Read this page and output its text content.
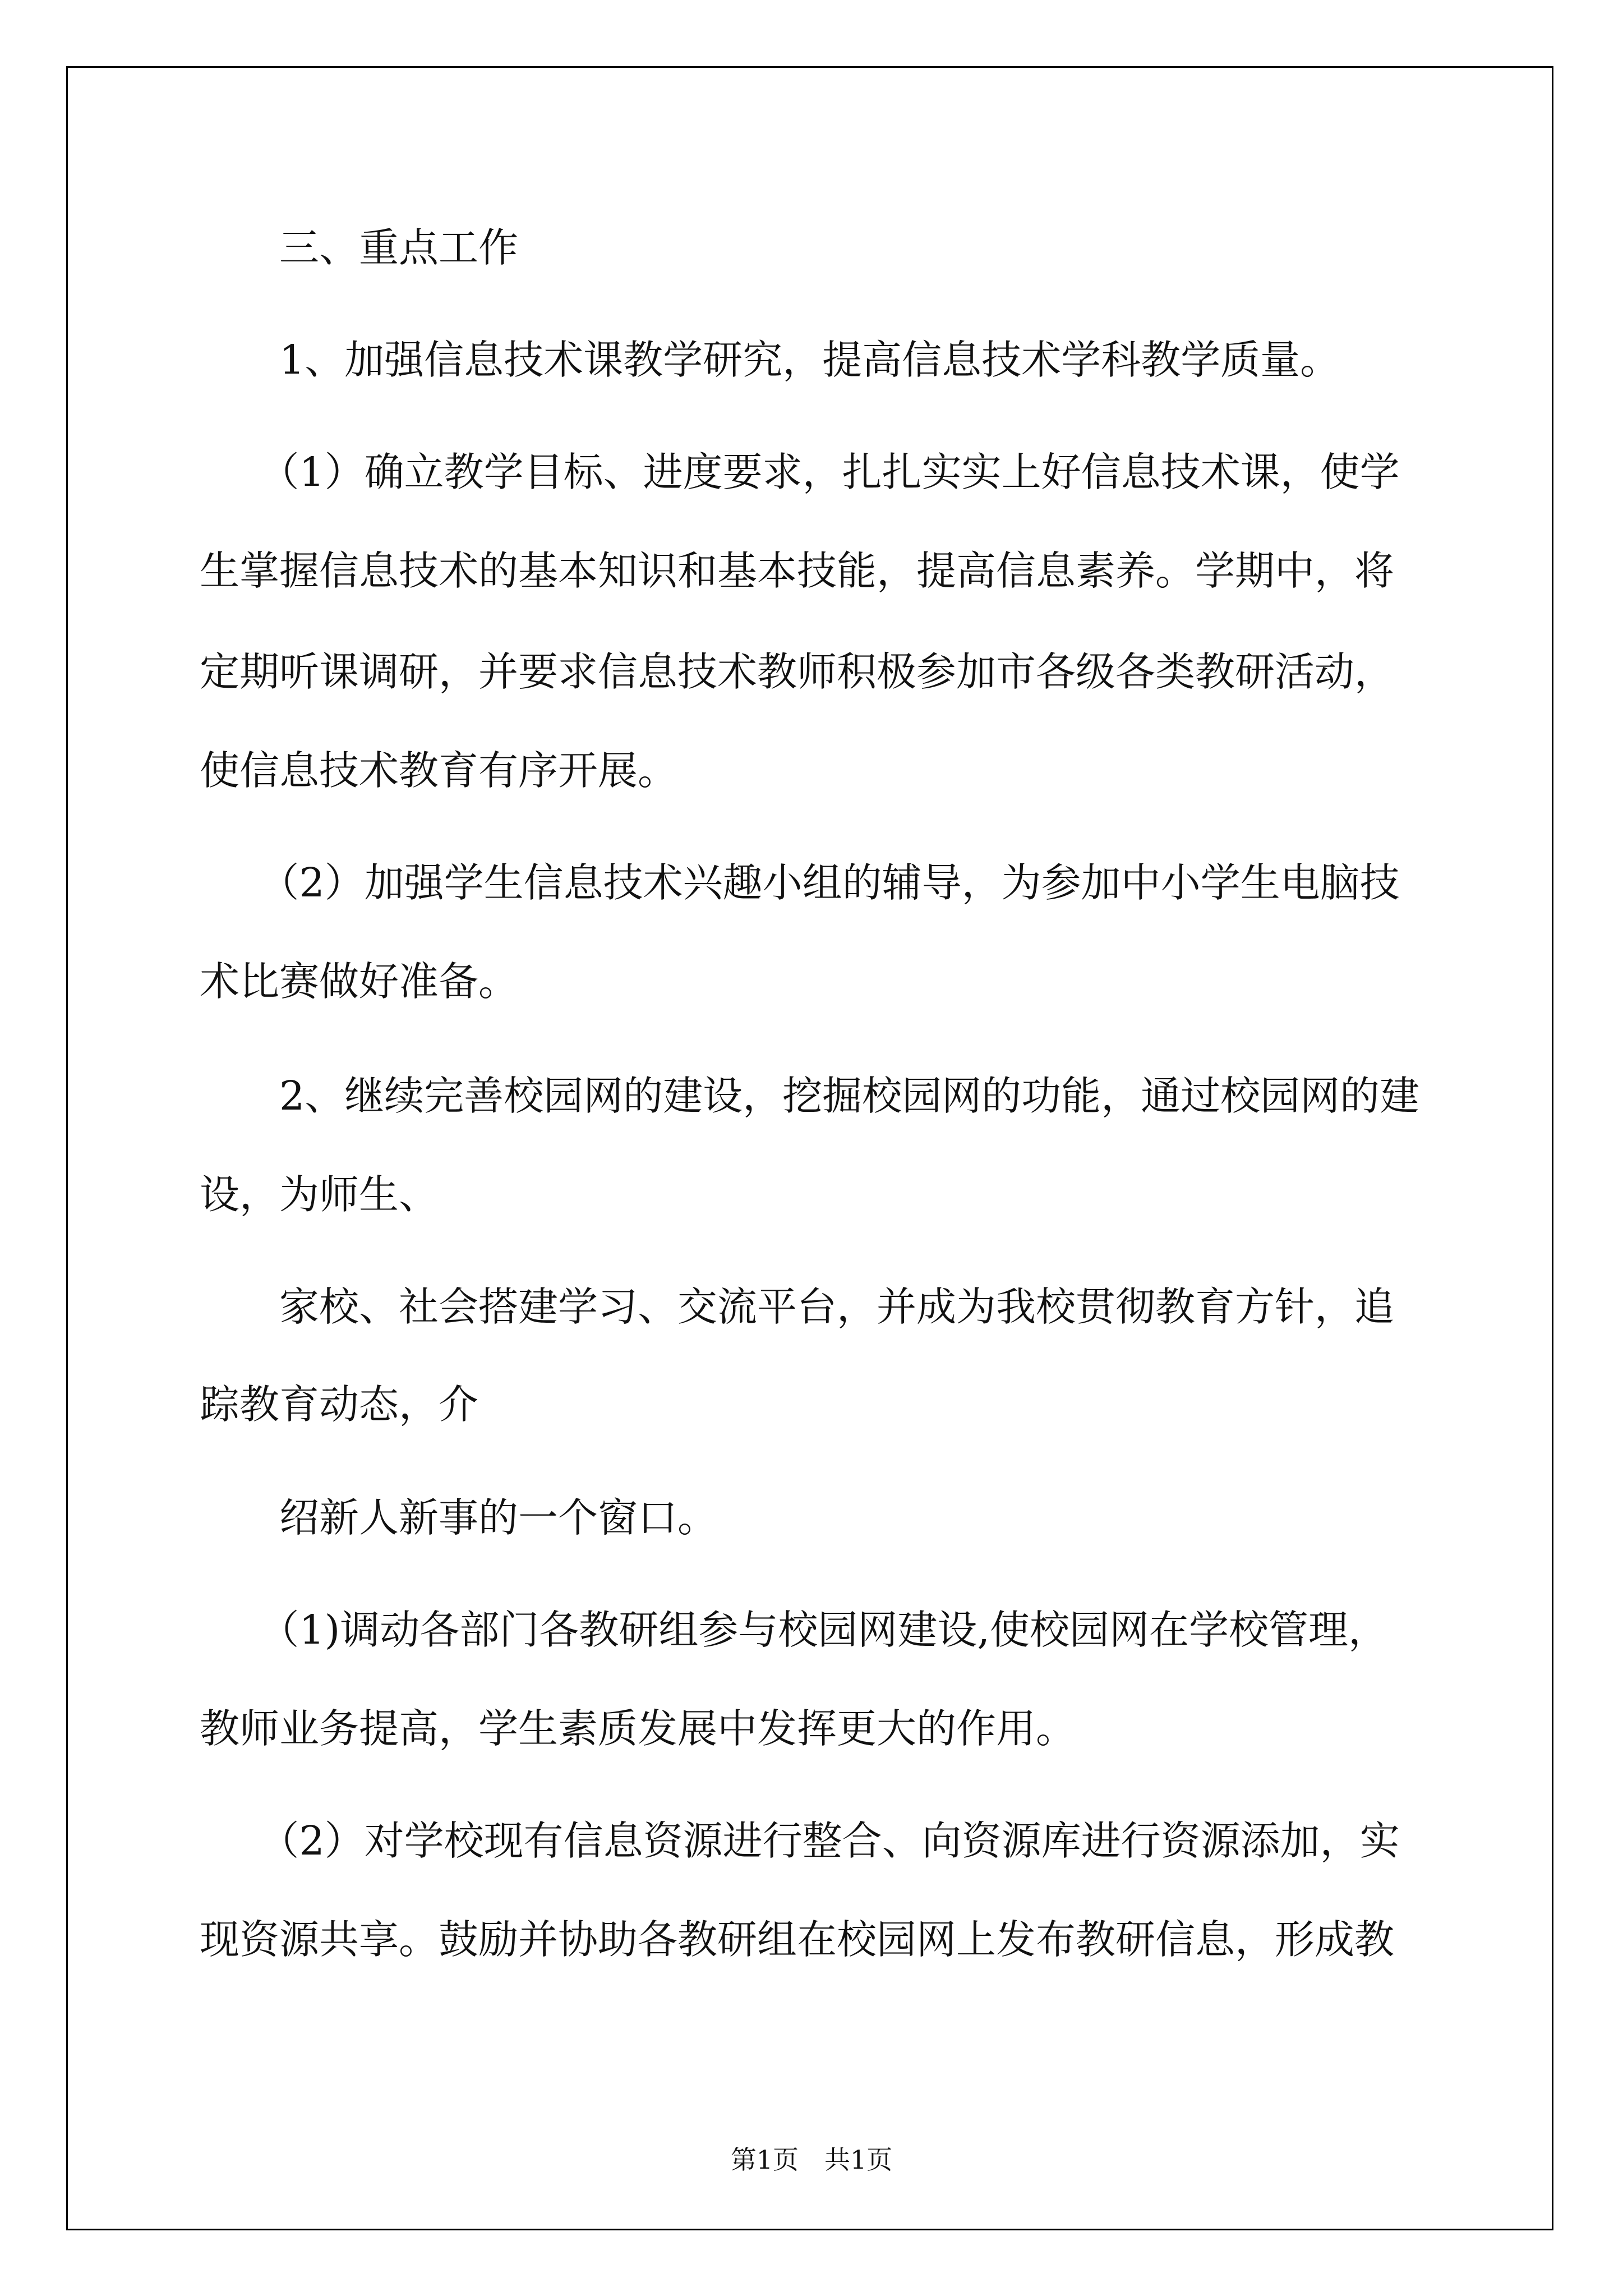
　　三、重点工作
　　1、加强信息技术课教学研究，提高信息技术学科教学质量。
　　（1）确立教学目标、进度要求，扎扎实实上好信息技术课，使学
生掌握信息技术的基本知识和基本技能，提高信息素养。学期中，将
定期听课调研，并要求信息技术教师积极参加市各级各类教研活动，
使信息技术教育有序开展。
　　（2）加强学生信息技术兴趣小组的辅导，为参加中小学生电脑技
术比赛做好准备。
　　2、继续完善校园网的建设，挖掘校园网的功能，通过校园网的建
设，为师生、
　　家校、社会搭建学习、交流平台，并成为我校贯彻教育方针，追
踪教育动态，介
　　绍新人新事的一个窗口。
　　（1)调动各部门各教研组参与校园网建设,使校园网在学校管理，
教师业务提高，学生素质发展中发挥更大的作用。
　　（2）对学校现有信息资源进行整合、向资源库进行资源添加，实
现资源共享。鼓励并协助各教研组在校园网上发布教研信息，形成教
第1页　共1页
